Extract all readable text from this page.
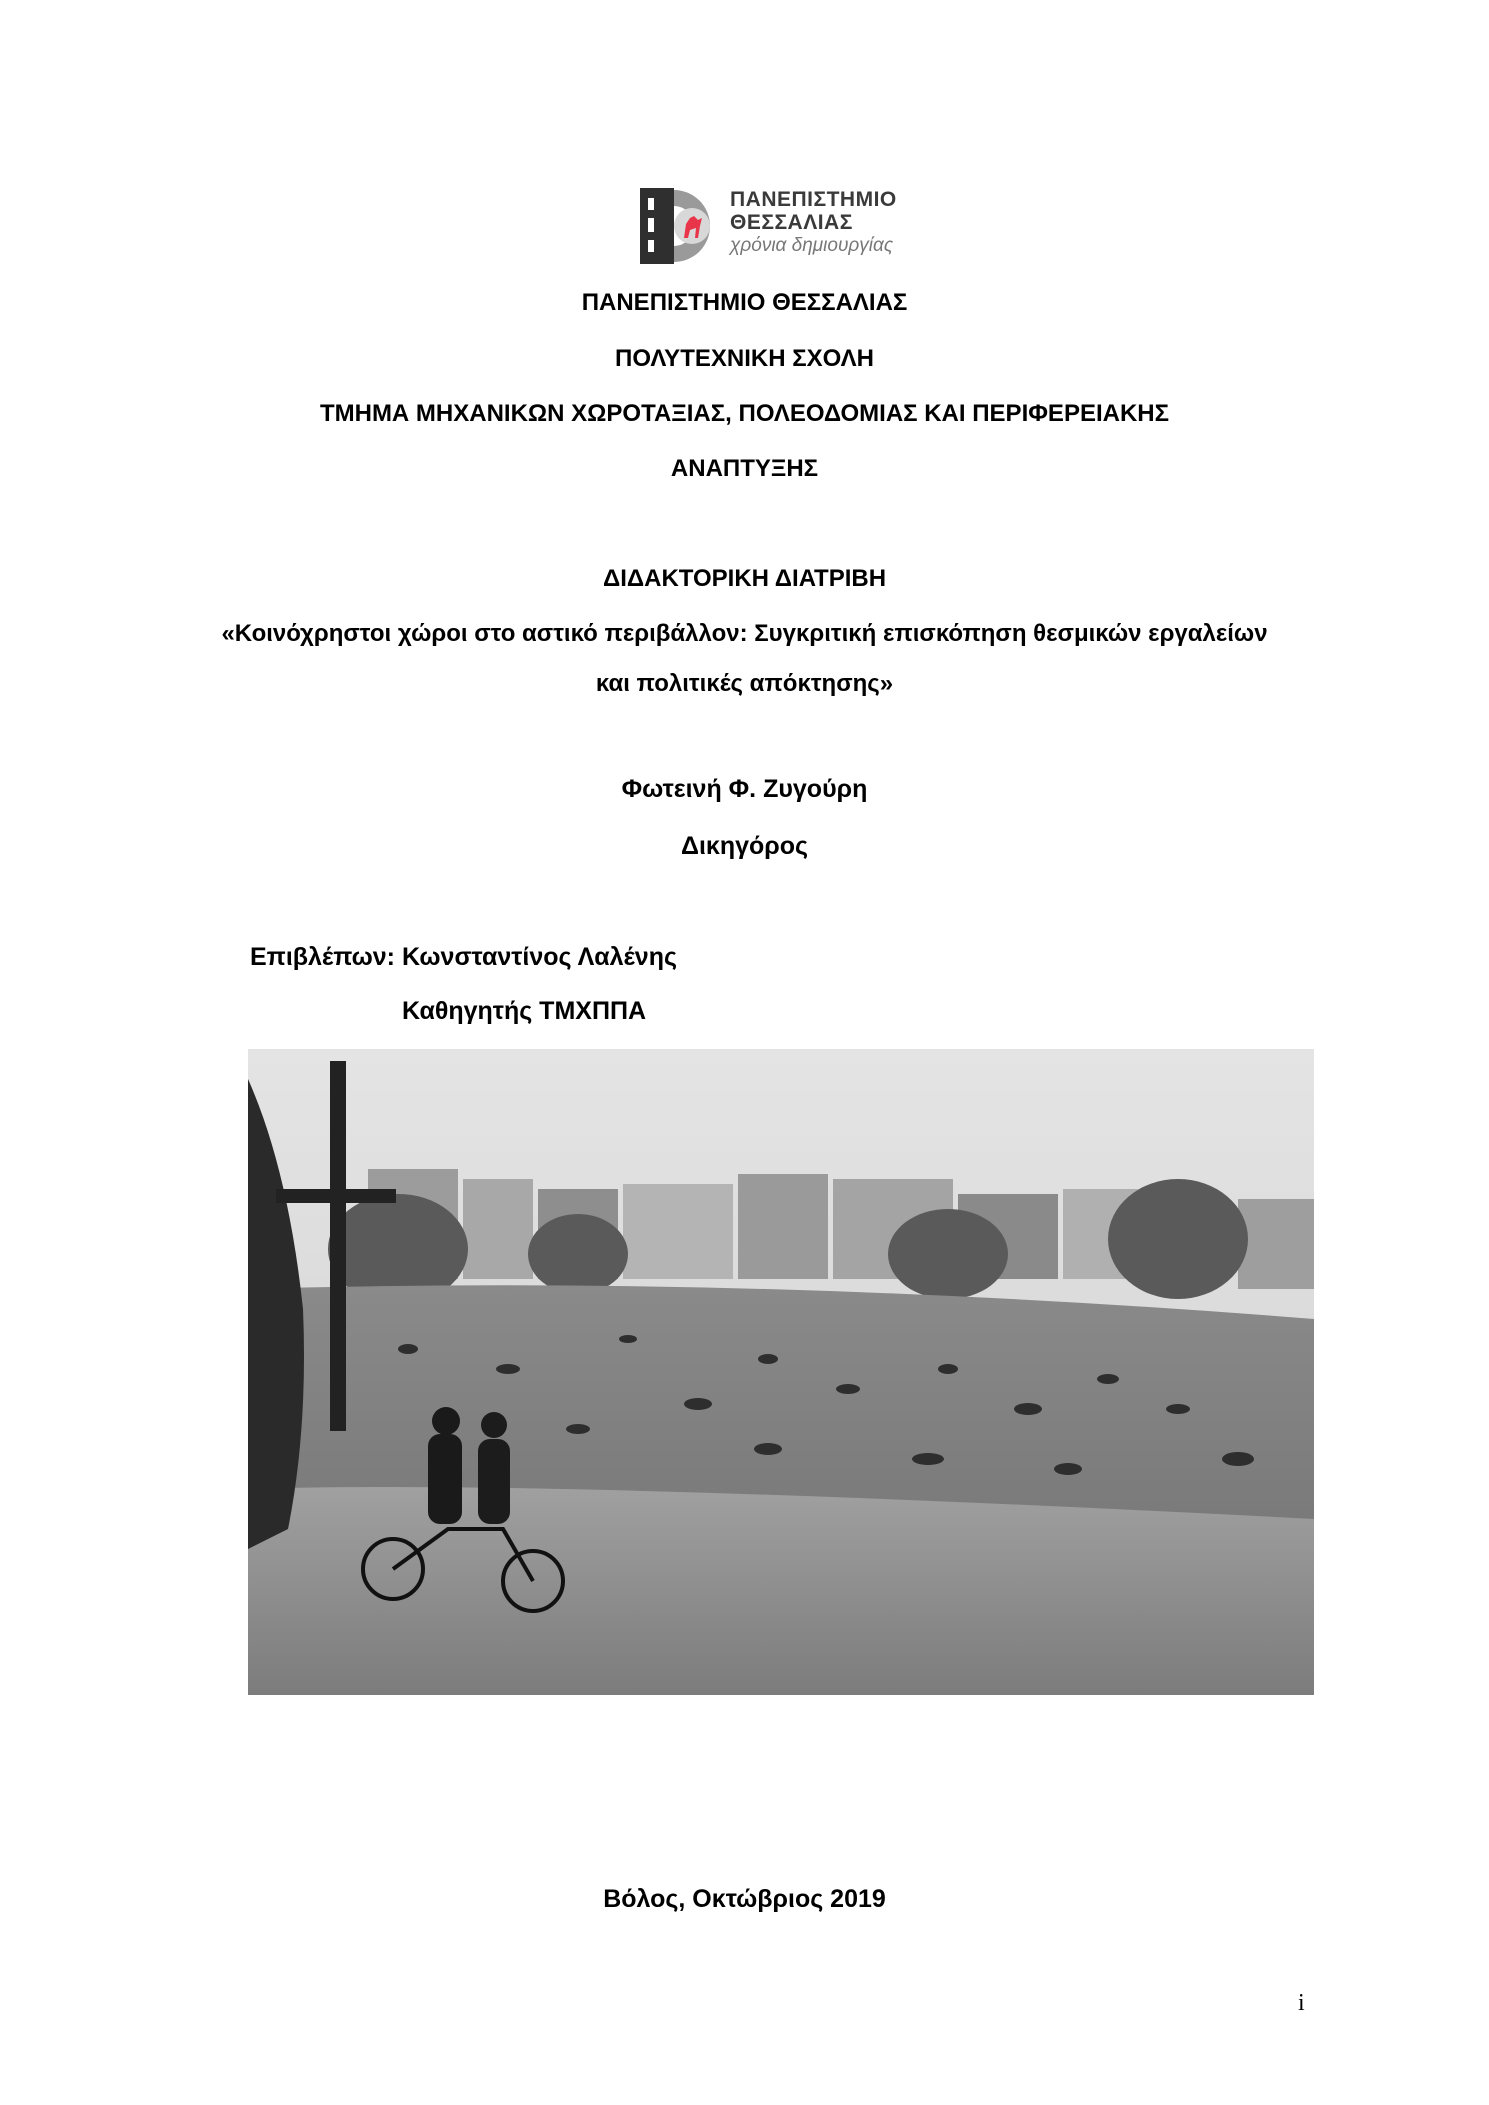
ΠΑΝΕΠΙΣΤΗΜΙΟ
ΘΕΣΣΑΛΙΑΣ
χρόνια δημιουργίας
ΠΑΝΕΠΙΣΤΗΜΙΟ ΘΕΣΣΑΛΙΑΣ
ΠΟΛΥΤΕΧΝΙΚΗ ΣΧΟΛΗ
ΤΜΗΜΑ ΜΗΧΑΝΙΚΩΝ ΧΩΡΟΤΑΞΙΑΣ, ΠΟΛΕΟΔΟΜΙΑΣ ΚΑΙ ΠΕΡΙΦΕΡΕΙΑΚΗΣ
ΑΝΑΠΤΥΞΗΣ
ΔΙΔΑΚΤΟΡΙΚΗ ΔΙΑΤΡΙΒΗ
«Κοινόχρηστοι χώροι στο αστικό περιβάλλον: Συγκριτική επισκόπηση θεσμικών εργαλείων
και πολιτικές απόκτησης»
Φωτεινή Φ. Ζυγούρη
Δικηγόρος
Επιβλέπων: Κωνσταντίνος Λαλένης
Καθηγητής ΤΜΧΠΠΑ
Βόλος, Οκτώβριος 2019
i
